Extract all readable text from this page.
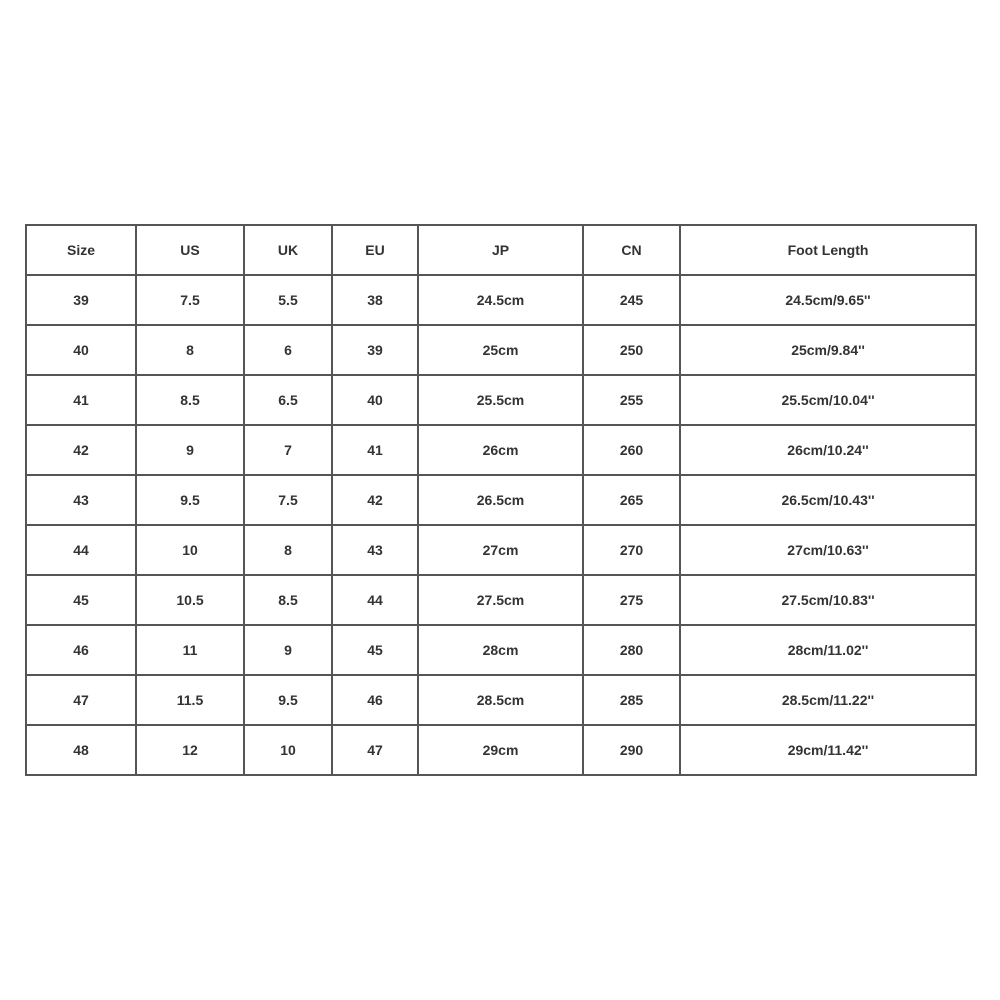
Size	US	UK	EU	JP	CN	Foot Length
39	7.5	5.5	38	24.5cm	245	24.5cm/9.65''
40	8	6	39	25cm	250	25cm/9.84''
41	8.5	6.5	40	25.5cm	255	25.5cm/10.04''
42	9	7	41	26cm	260	26cm/10.24''
43	9.5	7.5	42	26.5cm	265	26.5cm/10.43''
44	10	8	43	27cm	270	27cm/10.63''
45	10.5	8.5	44	27.5cm	275	27.5cm/10.83''
46	11	9	45	28cm	280	28cm/11.02''
47	11.5	9.5	46	28.5cm	285	28.5cm/11.22''
48	12	10	47	29cm	290	29cm/11.42''
